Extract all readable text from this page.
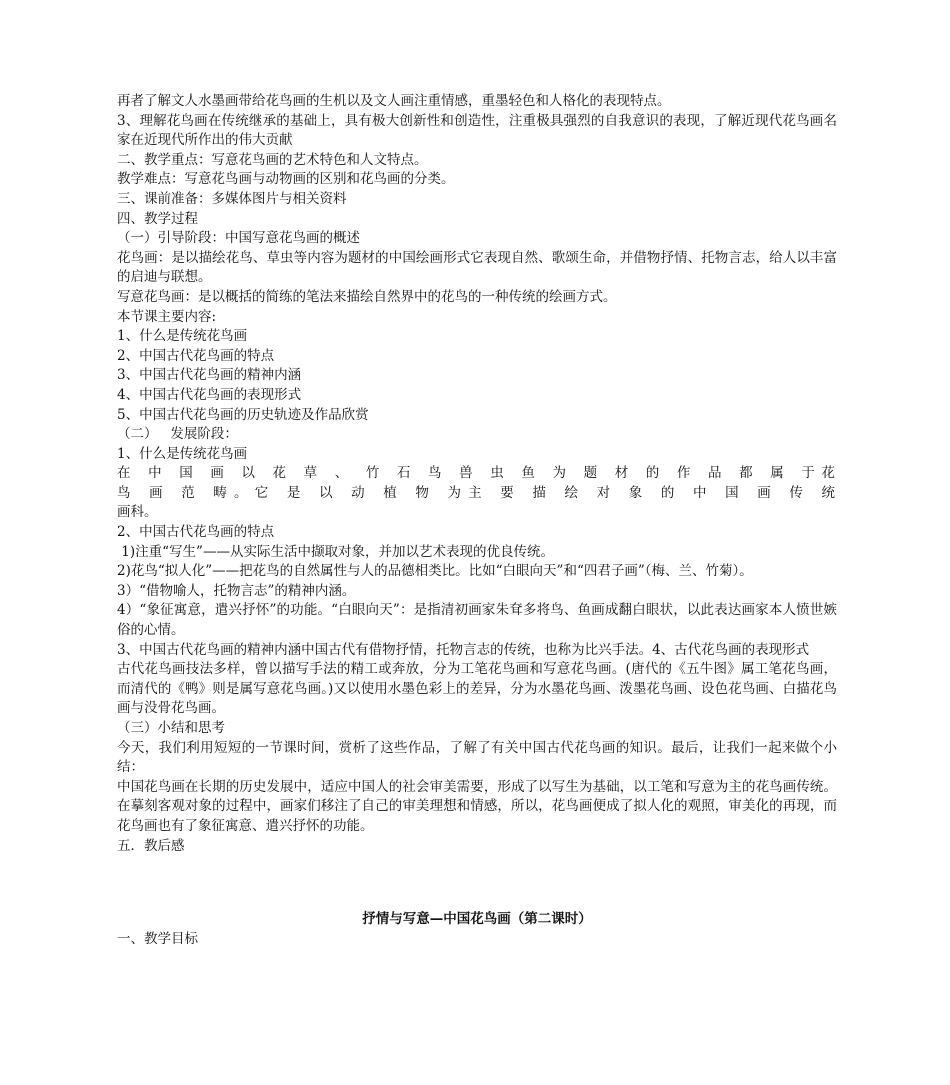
再者了解文人水墨画带给花鸟画的生机以及文人画注重情感，重墨轻色和人格化的表现特点。

3、理解花鸟画在传统继承的基础上，具有极大创新性和创造性，注重极具强烈的自我意识的表现，了解近现代花鸟画名家在近现代所作出的伟大贡献

二、教学重点：写意花鸟画的艺术特色和人文特点。

教学难点：写意花鸟画与动物画的区别和花鸟画的分类。

三、课前准备：多媒体图片与相关资料

四、教学过程

（一）引导阶段：中国写意花鸟画的概述

花鸟画：是以描绘花鸟、草虫等内容为题材的中国绘画形式它表现自然、歌颂生命，并借物抒情、托物言志，给人以丰富的启迪与联想。

写意花鸟画：是以概括的简练的笔法来描绘自然界中的花鸟的一种传统的绘画方式。

本节课主要内容:

1、什么是传统花鸟画

2、中国古代花鸟画的特点

3、中国古代花鸟画的精神内涵

4、中国古代花鸟画的表现形式

5、中国古代花鸟画的历史轨迹及作品欣赏

（二）   发展阶段：

1、什么是传统花鸟画

在 中 国 画 以 花 草 、 竹 石 鸟 兽 虫 鱼 为 题 材 的 作 品 都 属 于花

鸟 画 范 畴。它 是 以 动 植 物 为主 要 描 绘 对 象 的 中 国 画 传 统

画科。

2、中国古代花鸟画的特点

1)注重“写生”——从实际生活中撷取对象，并加以艺术表现的优良传统。

2)花鸟“拟人化”——把花鸟的自然属性与人的品德相类比。比如“白眼向天”和“四君子画”（梅、兰、竹菊）。

3）“借物喻人，托物言志”的精神内涵。

4）“象征寓意，遣兴抒怀”的功能。“白眼向天”：是指清初画家朱耷多将鸟、鱼画成翻白眼状，以此表达画家本人愤世嫉俗的心情。

3、中国古代花鸟画的精神内涵中国古代有借物抒情，托物言志的传统，也称为比兴手法。4、古代花鸟画的表现形式

古代花鸟画技法多样，曾以描写手法的精工或奔放，分为工笔花鸟画和写意花鸟画。(唐代的《五牛图》属工笔花鸟画，而清代的《鸭》则是属写意花鸟画。)又以使用水墨色彩上的差异，分为水墨花鸟画、泼墨花鸟画、设色花鸟画、白描花鸟画与没骨花鸟画。

（三）小结和思考

今天，我们利用短短的一节课时间，赏析了这些作品，了解了有关中国古代花鸟画的知识。最后，让我们一起来做个小结：

中国花鸟画在长期的历史发展中，适应中国人的社会审美需要，形成了以写生为基础，以工笔和写意为主的花鸟画传统。在摹刻客观对象的过程中，画家们移注了自己的审美理想和情感，所以，花鸟画便成了拟人化的观照，审美化的再现，而花鸟画也有了象征寓意、遣兴抒怀的功能。

五．教后感

抒情与写意—中国花鸟画（第二课时）

一、教学目标
